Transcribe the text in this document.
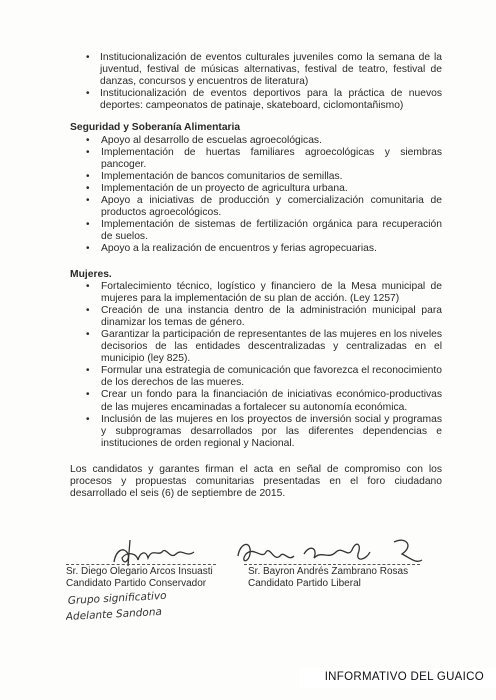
• Institucionalización de eventos culturales juveniles como la semana de la juventud, festival de músicas alternativas, festival de teatro, festival de danzas, concursos y encuentros de literatura)
• Institucionalización de eventos deportivos para la práctica de nuevos deportes: campeonatos de patinaje, skateboard, ciclomontañismo)
Seguridad y Soberanía Alimentaria
• Apoyo al desarrollo de escuelas agroecológicas.
• Implementación de huertas familiares agroecológicas y siembras pancoger.
• Implementación de bancos comunitarios de semillas.
• Implementación de un proyecto de agricultura urbana.
• Apoyo a iniciativas de producción y comercialización comunitaria de productos agroecológicos.
• Implementación de sistemas de fertilización orgánica para recuperación de suelos.
• Apoyo a la realización de encuentros y ferias agropecuarias.
Mujeres.
• Fortalecimiento técnico, logístico y financiero de la Mesa municipal de mujeres para la implementación de su plan de acción. (Ley 1257)
• Creación de una instancia dentro de la administración municipal para dinamizar los temas de género.
• Garantizar la participación de representantes de las mujeres en los niveles decisorios de las entidades descentralizadas y centralizadas en el municipio (ley 825).
• Formular una estrategia de comunicación que favorezca el reconocimiento de los derechos de las mueres.
• Crear un fondo para la financiación de iniciativas económico-productivas de las mujeres encaminadas a fortalecer su autonomía económica.
• Inclusión de las mujeres en los proyectos de inversión social y programas y subprogramas desarrollados por las diferentes dependencias e instituciones de orden regional y Nacional.

Los candidatos y garantes firman el acta en señal de compromiso con los procesos y propuestas comunitarias presentadas en el foro ciudadano desarrollado el seis (6) de septiembre de 2015.

Grupo significativo
Adelante Sandona
Sr. Diego Olegario Arcos Insuasti
Candidato Partido Conservador
Sr. Bayron Andrés Zambrano Rosas
Candidato Partido Liberal
INFORMATIVO DEL GUAICO
